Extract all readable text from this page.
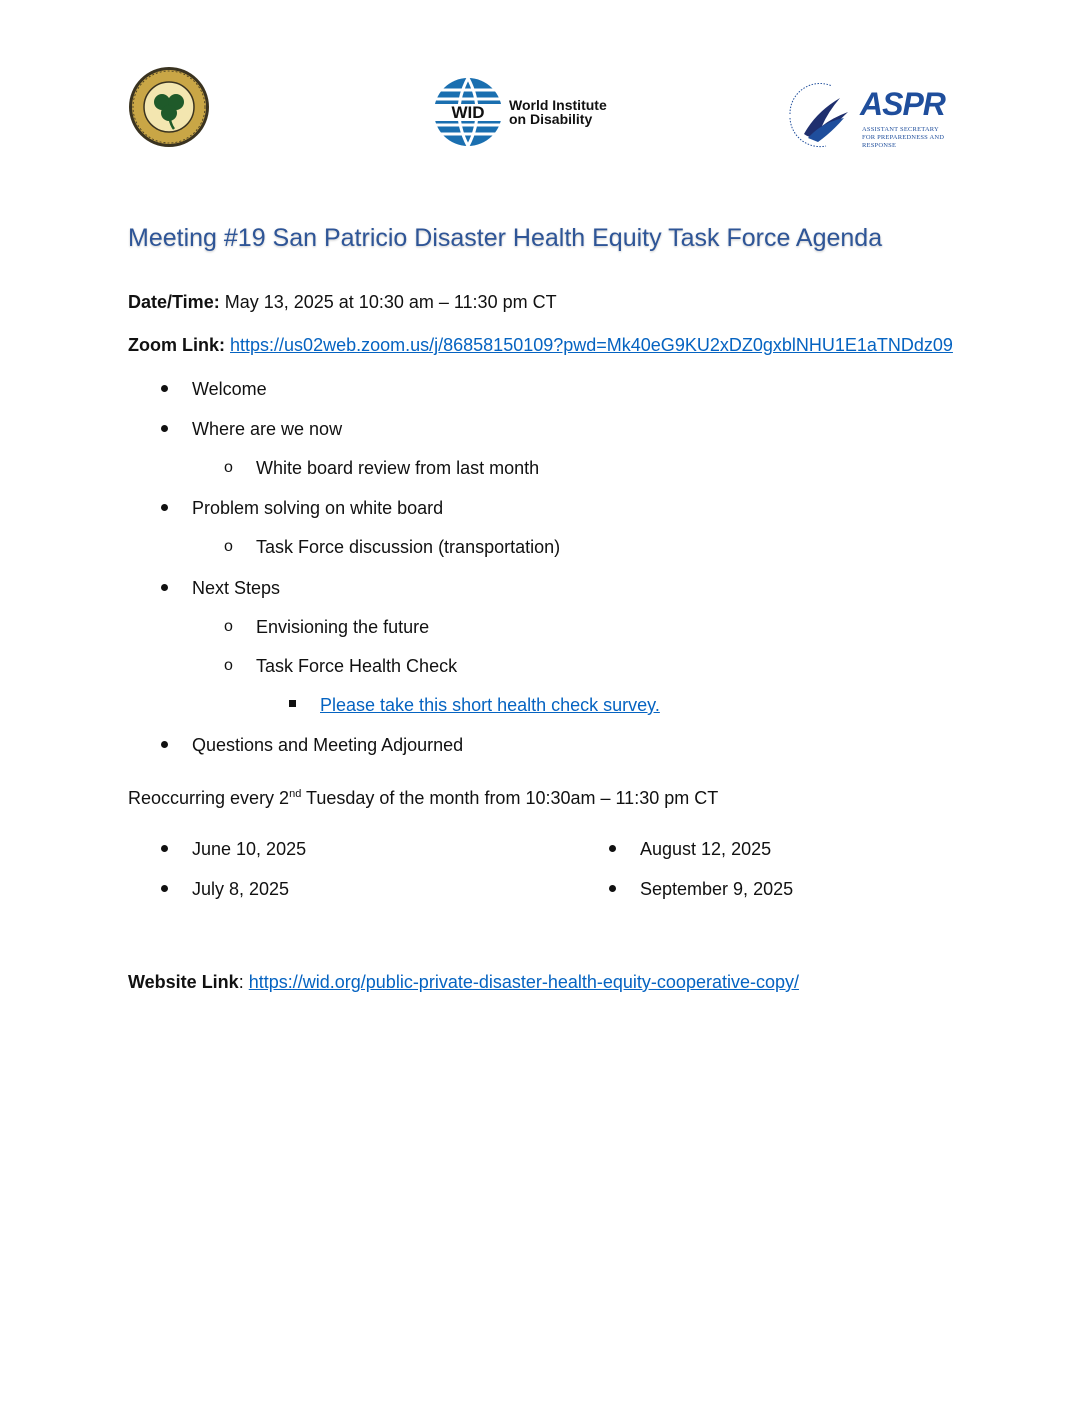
WID World Institute
on Disability	ASPR
ASSISTANT SECRETARY FOR PREPAREDNESS AND RESPONSE
Meeting #19 San Patricio Disaster Health Equity Task Force Agenda
Date/Time: May 13, 2025 at 10:30 am – 11:30 pm CT
Zoom Link: https://us02web.zoom.us/j/86858150109?pwd=Mk40eG9KU2xDZ0gxblNHU1E1aTNDdz09
Welcome
Where are we now
o White board review from last month
Problem solving on white board
o Task Force discussion (transportation)
Next Steps
o Envisioning the future
o Task Force Health Check
Please take this short health check survey.
Questions and Meeting Adjourned
Reoccurring every 2nd Tuesday of the month from 10:30am – 11:30 pm CT
June 10, 2025
July 8, 2025
August 12, 2025
September 9, 2025
Website Link: https://wid.org/public-private-disaster-health-equity-cooperative-copy/
